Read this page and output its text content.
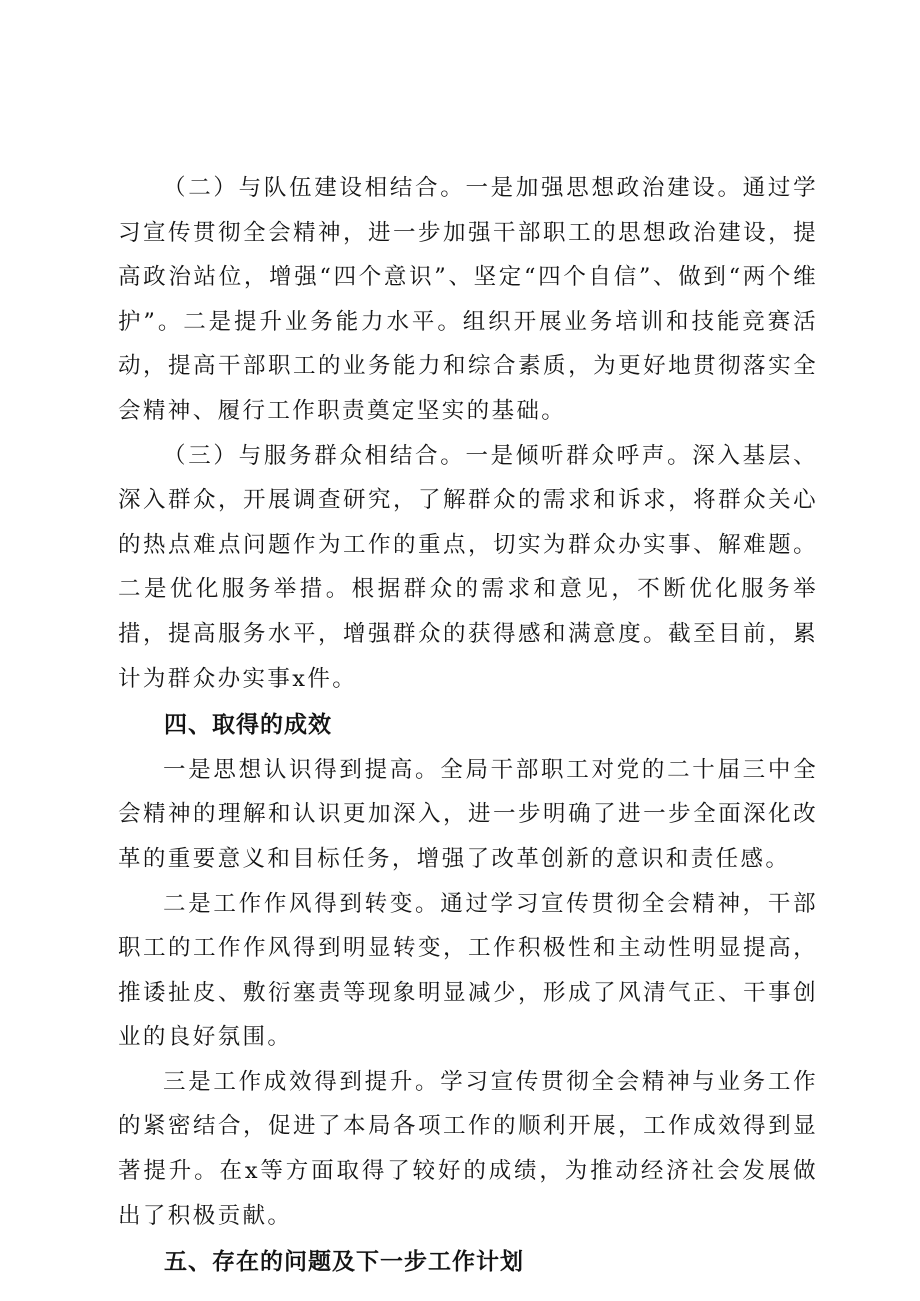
（二）与队伍建设相结合。一是加强思想政治建设。通过学习宣传贯彻全会精神，进一步加强干部职工的思想政治建设，提高政治站位，增强“四个意识”、坚定“四个自信”、做到“两个维护”。二是提升业务能力水平。组织开展业务培训和技能竞赛活动，提高干部职工的业务能力和综合素质，为更好地贯彻落实全会精神、履行工作职责奠定坚实的基础。

（三）与服务群众相结合。一是倾听群众呼声。深入基层、深入群众，开展调查研究，了解群众的需求和诉求，将群众关心的热点难点问题作为工作的重点，切实为群众办实事、解难题。二是优化服务举措。根据群众的需求和意见，不断优化服务举措，提高服务水平，增强群众的获得感和满意度。截至目前，累计为群众办实事x件。

四、取得的成效

一是思想认识得到提高。全局干部职工对党的二十届三中全会精神的理解和认识更加深入，进一步明确了进一步全面深化改革的重要意义和目标任务，增强了改革创新的意识和责任感。

二是工作作风得到转变。通过学习宣传贯彻全会精神，干部职工的工作作风得到明显转变，工作积极性和主动性明显提高，推诿扯皮、敷衍塞责等现象明显减少，形成了风清气正、干事创业的良好氛围。

三是工作成效得到提升。学习宣传贯彻全会精神与业务工作的紧密结合，促进了本局各项工作的顺利开展，工作成效得到显著提升。在x等方面取得了较好的成绩，为推动经济社会发展做出了积极贡献。

五、存在的问题及下一步工作计划
